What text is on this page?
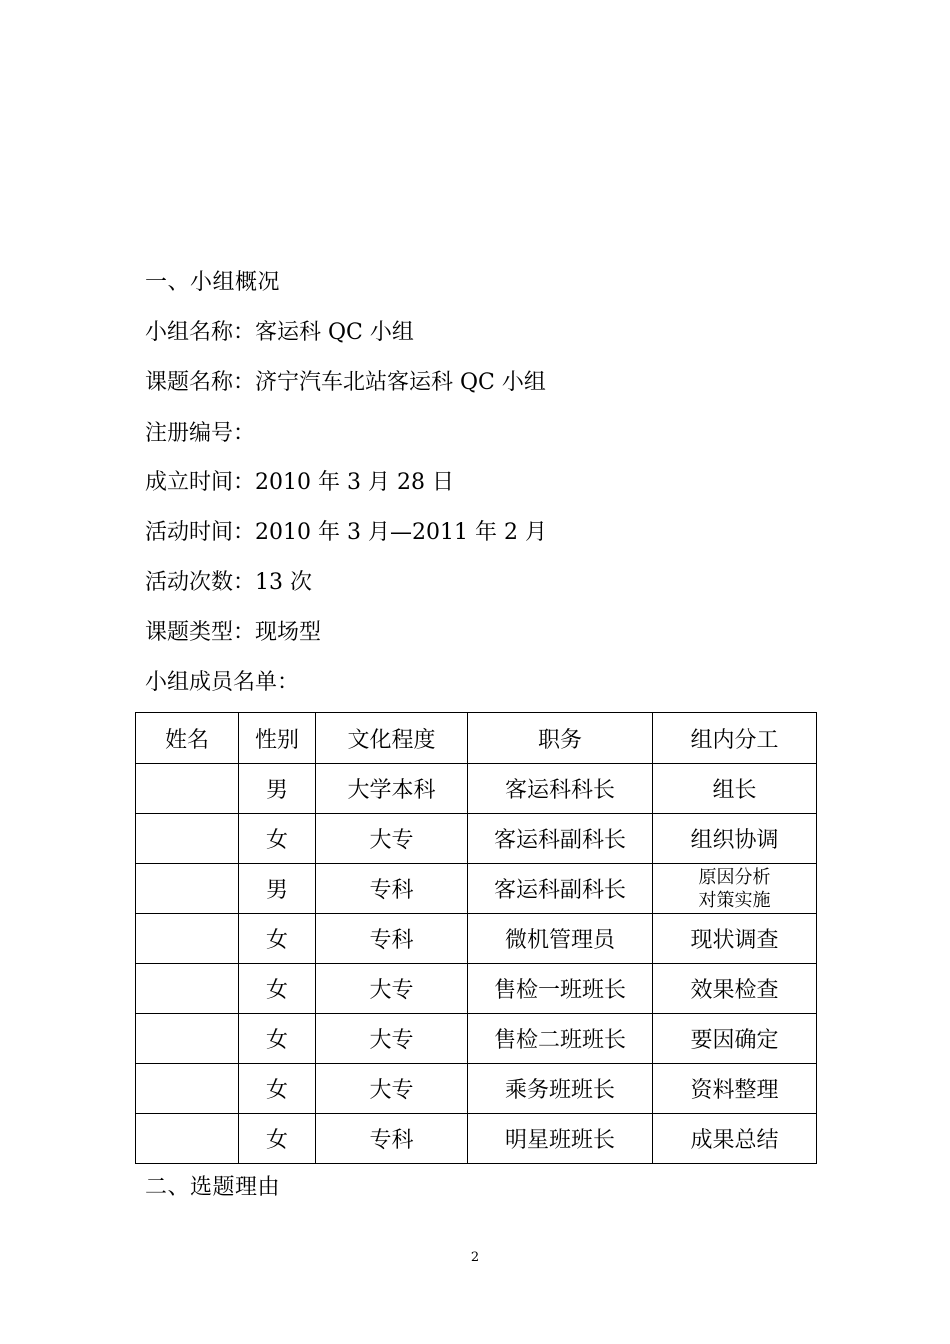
一、小组概况
小组名称：客运科 QC 小组
课题名称：济宁汽车北站客运科 QC 小组
注册编号：
成立时间：2010 年 3 月 28 日
活动时间：2010 年 3 月—2011 年 2 月
活动次数：13 次
课题类型：现场型
小组成员名单：
姓名	性别	文化程度	职务	组内分工
	男	大学本科	客运科科长	组长
	女	大专	客运科副科长	组织协调
	男	专科	客运科副科长	原因分析
对策实施

	女	专科	微机管理员	现状调查
	女	大专	售检一班班长	效果检查
	女	大专	售检二班班长	要因确定
	女	大专	乘务班班长	资料整理
	女	专科	明星班班长	成果总结
二、选题理由
2
